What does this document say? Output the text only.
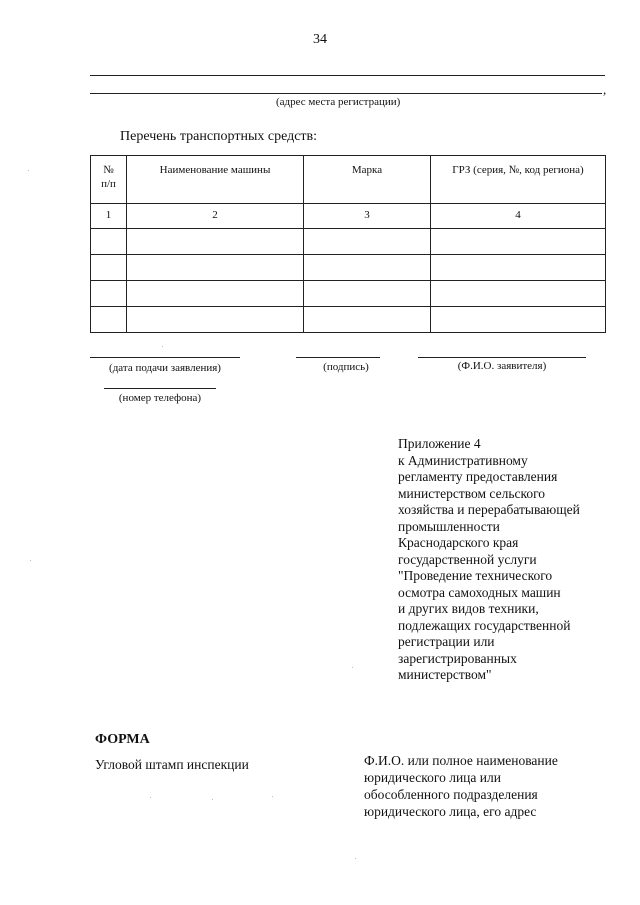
34
,
(адрес места регистрации)
Перечень транспортных средств:
№ п/п	Наименование машины	Марка	ГРЗ (серия, №, код региона)
1	2	3	4

(дата подачи заявления)	(подпись)	(Ф.И.О. заявителя)
(номер телефона)
Приложение 4
к Административному
регламенту предоставления
министерством сельского
хозяйства и перерабатывающей
промышленности
Краснодарского края
государственной услуги
"Проведение технического
осмотра самоходных машин
и других видов техники,
подлежащих государственной
регистрации или
зарегистрированных
министерством"
ФОРМА
Угловой штамп инспекции	Ф.И.О. или полное наименование
юридического лица или
обособленного подразделения
юридического лица, его адрес
